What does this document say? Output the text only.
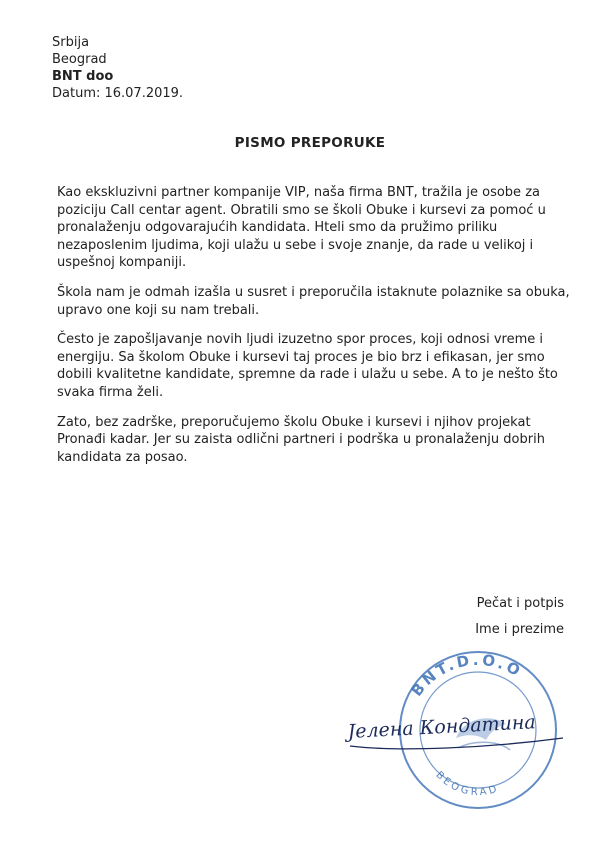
Srbija
Beograd
BNT doo
Datum: 16.07.2019.
PISMO PREPORUKE

Kao ekskluzivni partner kompanije VIP, naša firma BNT, tražila je osobe za poziciju Call centar agent. Obratili smo se školi Obuke i kursevi za pomoć u pronalaženju odgovarajućih kandidata. Hteli smo da pružimo priliku nezaposlenim ljudima, koji ulažu u sebe i svoje znanje, da rade u velikoj i uspešnoj kompaniji.

Škola nam je odmah izašla u susret i preporučila istaknute polaznike sa obuka, upravo one koji su nam trebali.

Često je zapošljavanje novih ljudi izuzetno spor proces, koji odnosi vreme i energiju. Sa školom Obuke i kursevi taj proces je bio brz i efikasan, jer smo dobili kvalitetne kandidate, spremne da rade i ulažu u sebe. A to je nešto što svaka firma želi.

Zato, bez zadrške, preporučujemo školu Obuke i kursevi i njihov projekat Pronađi kadar. Jer su zaista odlični partneri i podrška u pronalaženju dobrih kandidata za posao.

Pečat i potpis
Ime i prezime
BNT.D.O.O
BEOGRAD
Јелена Кондатина
